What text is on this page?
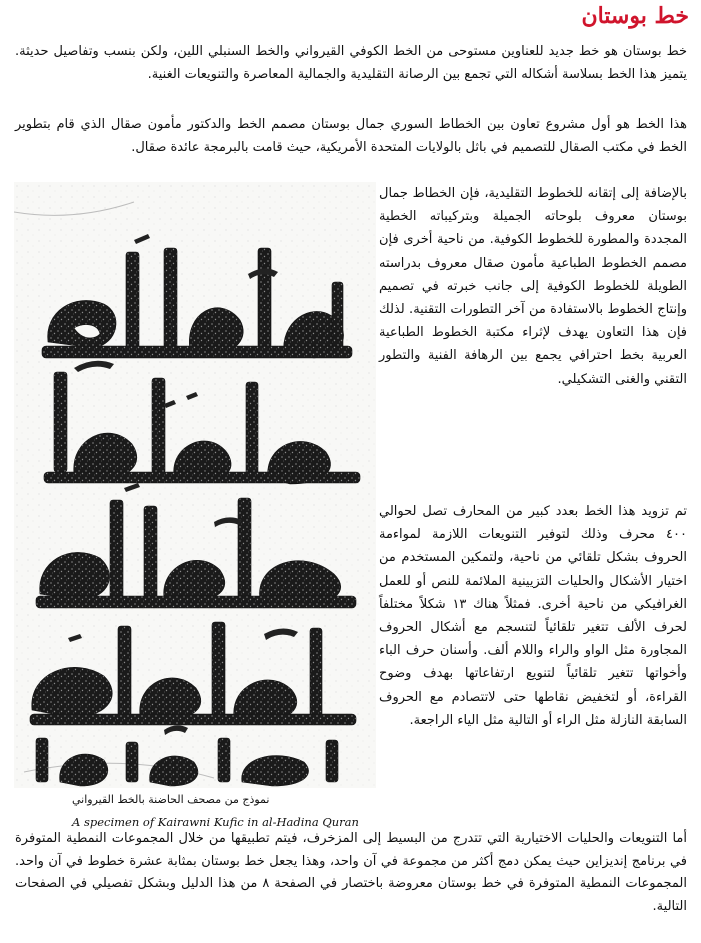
خط بوستان

خط بوستان هو خط جديد للعناوين مستوحى من الخط الكوفي القيرواني والخط السنبلي اللين، ولكن بنسب وتفاصيل حديثة. يتميز هذا الخط بسلاسة أشكاله التي تجمع بين الرصانة التقليدية والجمالية المعاصرة والتنويعات الغنية.

هذا الخط هو أول مشروع تعاون بين الخطاط السوري جمال بوستان مصمم الخط والدكتور مأمون صقال الذي قام بتطوير الخط في مكتب الصقال للتصميم في باثل بالولايات المتحدة الأمريكية، حيث قامت بالبرمجة عائدة صقال.

بالإضافة إلى إتقانه للخطوط التقليدية، فإن الخطاط جمال بوستان معروف بلوحاته الجميلة وبتركيباته الخطية المجددة والمطورة للخطوط الكوفية. من ناحية أخرى فإن مصمم الخطوط الطباعية مأمون صقال معروف بدراسته الطويلة للخطوط الكوفية إلى جانب خبرته في تصميم وإنتاج الخطوط بالاستفادة من آخر التطورات التقنية. لذلك فإن هذا التعاون يهدف لإثراء مكتبة الخطوط الطباعية العربية بخط احترافي يجمع بين الرهافة الفنية والتطور التقني والغنى التشكيلي.

تم تزويد هذا الخط بعدد كبير من المحارف تصل لحوالي ٤٠٠ محرف وذلك لتوفير التنويعات اللازمة لمواءمة الحروف بشكل تلقائي من ناحية، ولتمكين المستخدم من اختيار الأشكال والحليات التزيينية الملائمة للنص أو للعمل الغرافيكي من ناحية أخرى. فمثلاً هناك ١٣ شكلاً مختلفاً لحرف الألف تتغير تلقائياً لتنسجم مع أشكال الحروف المجاورة مثل الواو والراء واللام ألف. وأسنان حرف الباء وأخواتها تتغير تلقائياً لتنويع ارتفاعاتها بهدف وضوح القراءة، أو لتخفيض نقاطها حتى لاتتصادم مع الحروف السابقة النازلة مثل الراء أو التالية مثل الياء الراجعة.

أما التنويعات والحليات الاختيارية التي تتدرج من البسيط إلى المزخرف، فيتم تطبيقها من خلال المجموعات النمطية المتوفرة في برنامج إنديزاين حيث يمكن دمج أكثر من مجموعة في آن واحد، وهذا يجعل خط بوستان بمثابة عشرة خطوط في آن واحد. المجموعات النمطية المتوفرة في خط بوستان معروضة باختصار في الصفحة ٨ من هذا الدليل وبشكل تفصيلي في الصفحات التالية.

نموذج من مصحف الحاضنة بالخط القيرواني

A specimen of Kairawni Kufic in al-Hadina Quran
